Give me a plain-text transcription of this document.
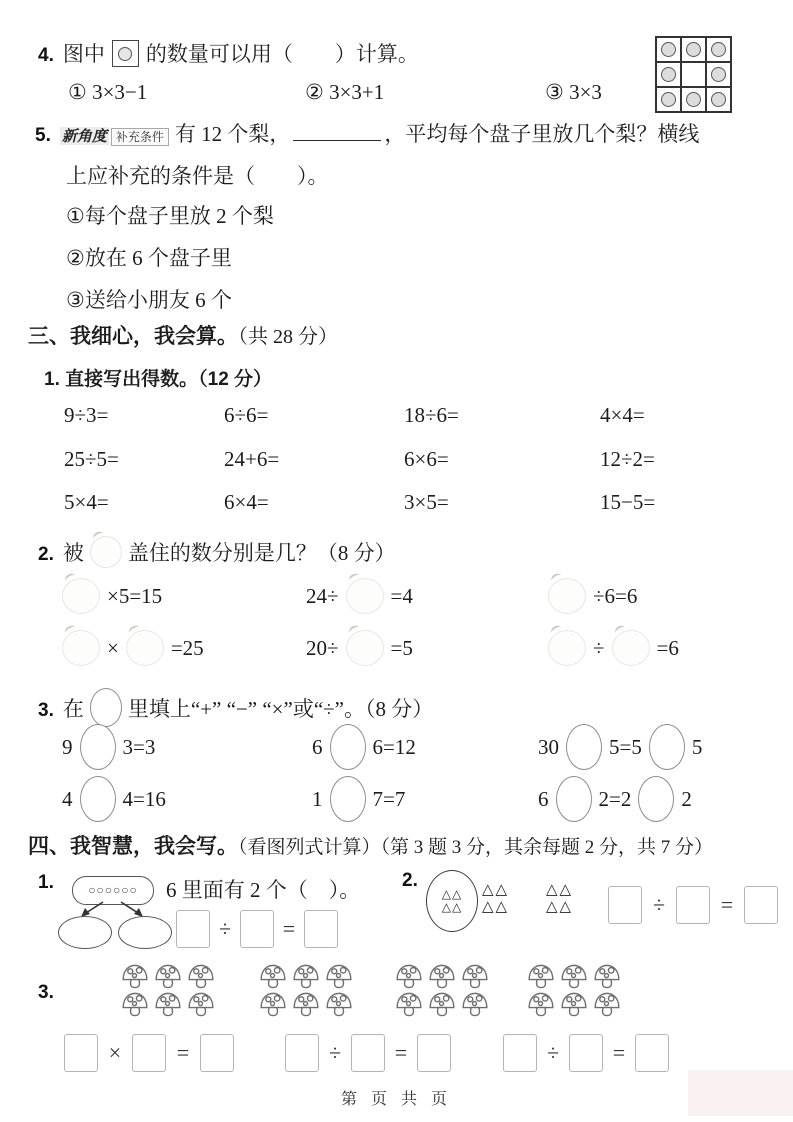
4. 图中 的数量可以用（　　）计算。
① 3×3−1	② 3×3+1	③ 3×3
5. 新角度 补充条件 有 12 个梨，	，平均每个盘子里放几个梨？横线
上应补充的条件是（　　）。
①每个盘子里放 2 个梨
②放在 6 个盘子里
③送给小朋友 6 个
三、我细心，我会算。（共 28 分）
1. 直接写出得数。（12 分）
9÷3=	6÷6=	18÷6=	4×4=
25÷5=	24+6=	6×6=	12÷2=
5×4=	6×4=	3×5=	15−5=
2. 被 盖住的数分别是几？（8 分）
×5=15	24÷ =4	÷6=6
× =25	20÷ =5	÷ =6
3. 在 里填上“+” “−” “×”或“÷”。（8 分）
9 3=3	6 6=12	30 5=5 5
4 4=16	1 7=7	6 2=2 2
四、我智慧，我会写。（看图列式计算）（第 3 题 3 分，其余每题 2 分，共 7 分）
1.	○○○○○○ 6 里面有 2 个（　）。
÷ =
2.
△△
△△
△△
△△
△△
△△	÷	=
3.
×	=	÷ =	÷ =
第 页 共 页
